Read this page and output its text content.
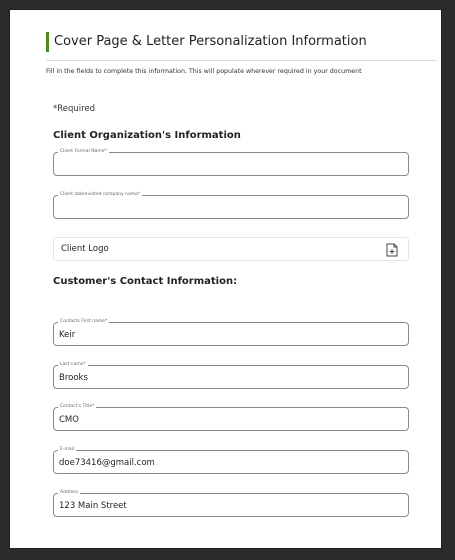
Cover Page & Letter Personalization Information
Fill in the fields to complete this information. This will populate wherever required in your document
*Required
Client Organization's Information
Client Formal Name*
Client abbreviated company name*
Client Logo
Customer's Contact Information:
Contacts First name*
Keir
Last name*
Brooks
Contact's Title*
CMO
E-mail
doe73416@gmail.com
Address
123 Main Street
